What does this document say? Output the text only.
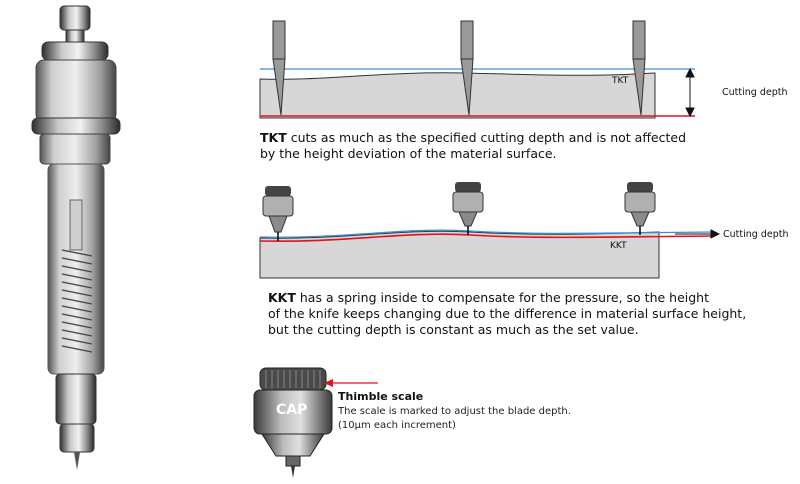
TKT
Cutting depth
TKT cuts as much as the specified cutting depth and is not affected
by the height deviation of the material surface.
KKT
Cutting depth
KKT has a spring inside to compensate for the pressure, so the height
of the knife keeps changing due to the difference in material surface height,
but the cutting depth is constant as much as the set value.
CAP
Thimble scale
The scale is marked to adjust the blade depth.
(10μm each increment)
